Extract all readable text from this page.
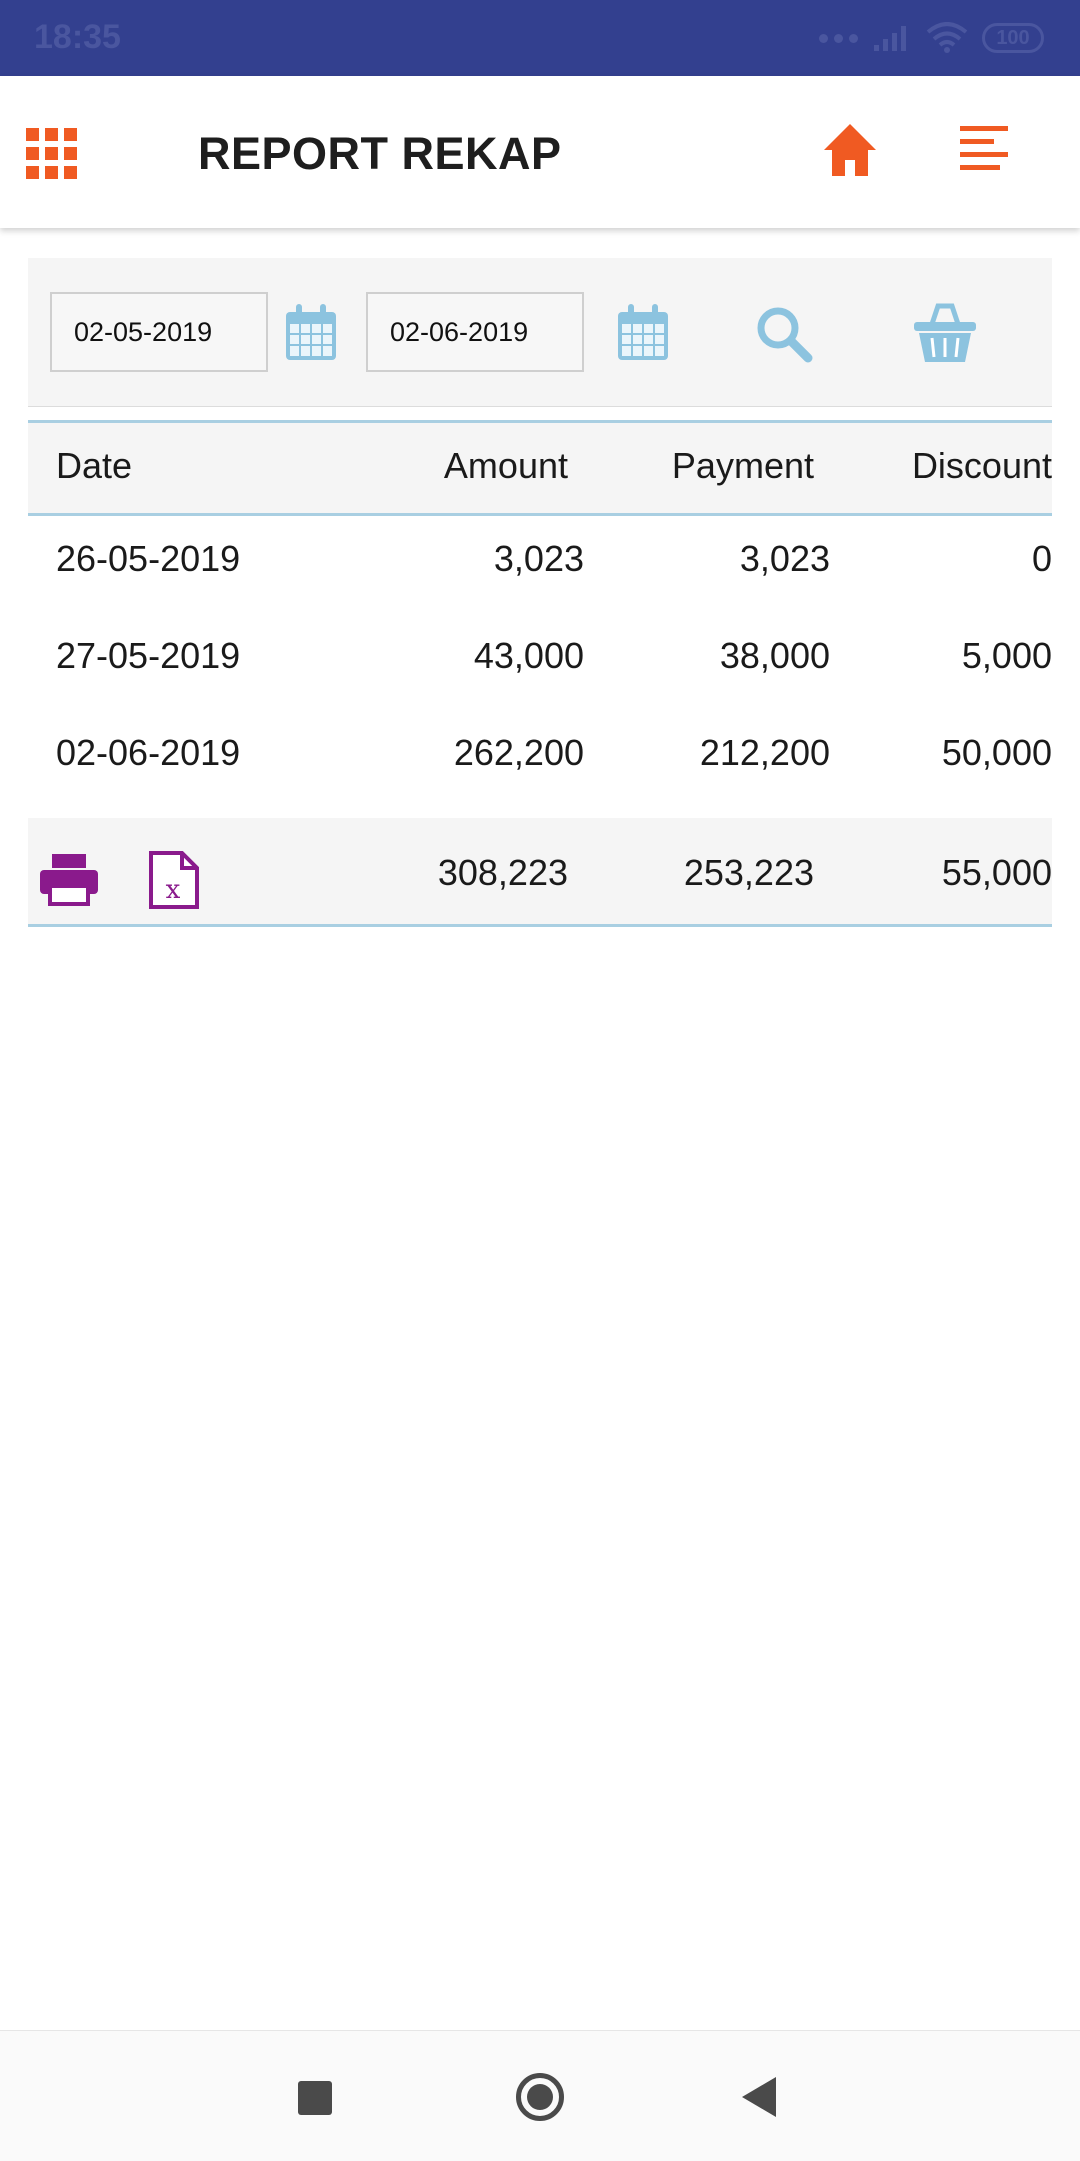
18:35	100
REPORT REKAP
02-05-2019	02-06-2019
Date	Amount	Payment	Discount
26-05-2019	3,023	3,023	0
27-05-2019	43,000	38,000	5,000
02-06-2019	262,200	212,200	50,000
x	308,223	253,223	55,000
